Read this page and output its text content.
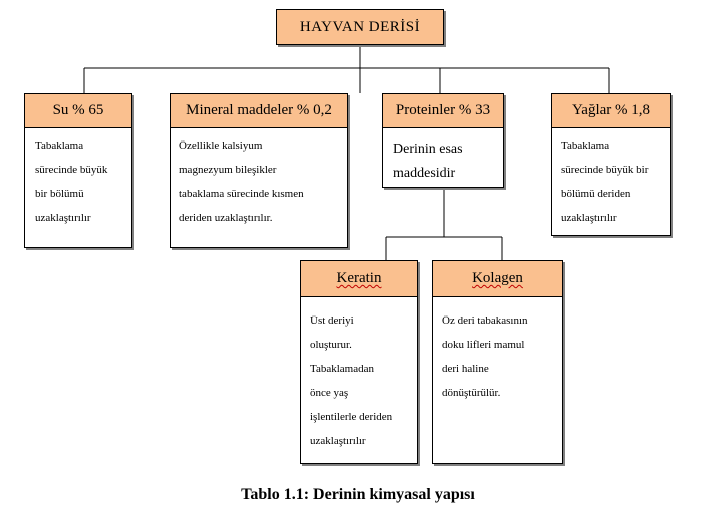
HAYVAN DERİSİ
Su % 65
Tabaklama
sürecinde büyük
bir bölümü
uzaklaştırılır
Mineral maddeler % 0,2
Özellikle kalsiyum
magnezyum bileşikler
tabaklama sürecinde kısmen
deriden uzaklaştırılır.
Proteinler % 33
Derinin esas
maddesidir
Yağlar % 1,8
Tabaklama
sürecinde büyük bir
bölümü deriden
uzaklaştırılır
Keratin
Üst deriyi
oluşturur.
Tabaklamadan
önce yaş
işlentilerle deriden
uzaklaştırılır
Kolagen
Öz deri tabakasının
doku lifleri mamul
deri haline
dönüştürülür.
Tablo 1.1: Derinin kimyasal yapısı
